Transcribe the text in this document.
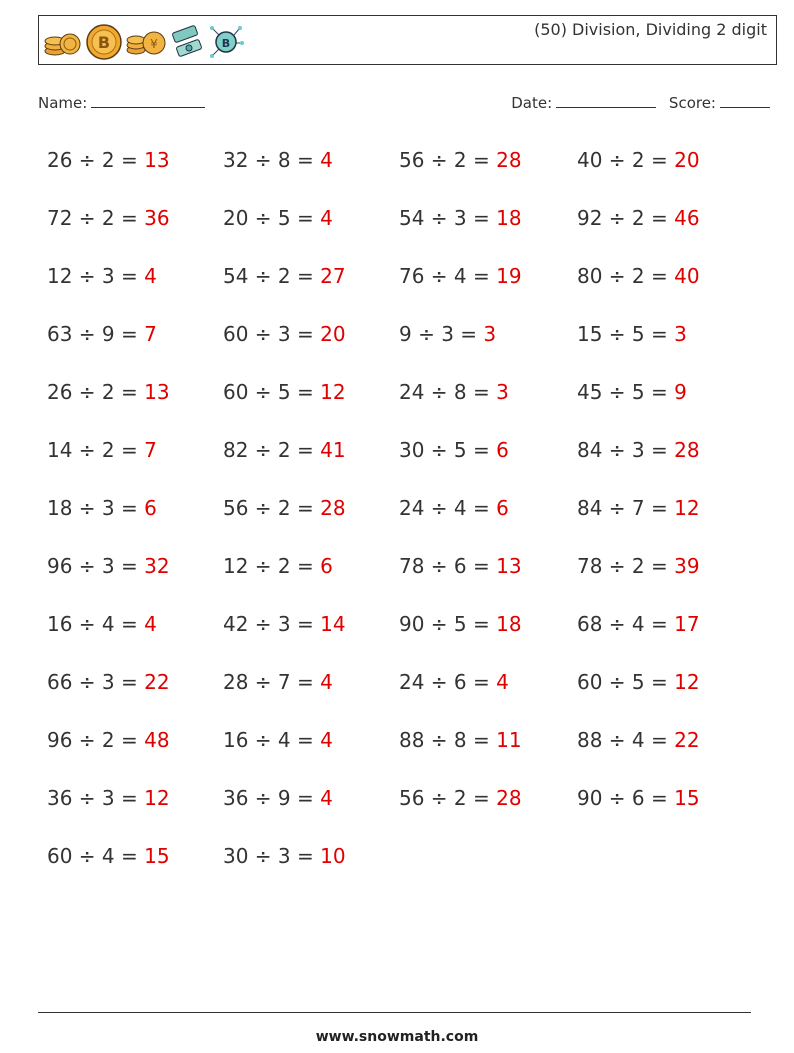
B	¥	B
(50) Division, Dividing 2 digit
Name:	Date:	Score:
26 ÷ 2 = 13	32 ÷ 8 = 4	56 ÷ 2 = 28	40 ÷ 2 = 20
72 ÷ 2 = 36	20 ÷ 5 = 4	54 ÷ 3 = 18	92 ÷ 2 = 46
12 ÷ 3 = 4	54 ÷ 2 = 27	76 ÷ 4 = 19	80 ÷ 2 = 40
63 ÷ 9 = 7	60 ÷ 3 = 20	9 ÷ 3 = 3	15 ÷ 5 = 3
26 ÷ 2 = 13	60 ÷ 5 = 12	24 ÷ 8 = 3	45 ÷ 5 = 9
14 ÷ 2 = 7	82 ÷ 2 = 41	30 ÷ 5 = 6	84 ÷ 3 = 28
18 ÷ 3 = 6	56 ÷ 2 = 28	24 ÷ 4 = 6	84 ÷ 7 = 12
96 ÷ 3 = 32	12 ÷ 2 = 6	78 ÷ 6 = 13	78 ÷ 2 = 39
16 ÷ 4 = 4	42 ÷ 3 = 14	90 ÷ 5 = 18	68 ÷ 4 = 17
66 ÷ 3 = 22	28 ÷ 7 = 4	24 ÷ 6 = 4	60 ÷ 5 = 12
96 ÷ 2 = 48	16 ÷ 4 = 4	88 ÷ 8 = 11	88 ÷ 4 = 22
36 ÷ 3 = 12	36 ÷ 9 = 4	56 ÷ 2 = 28	90 ÷ 6 = 15
60 ÷ 4 = 15	30 ÷ 3 = 10
www.snowmath.com
